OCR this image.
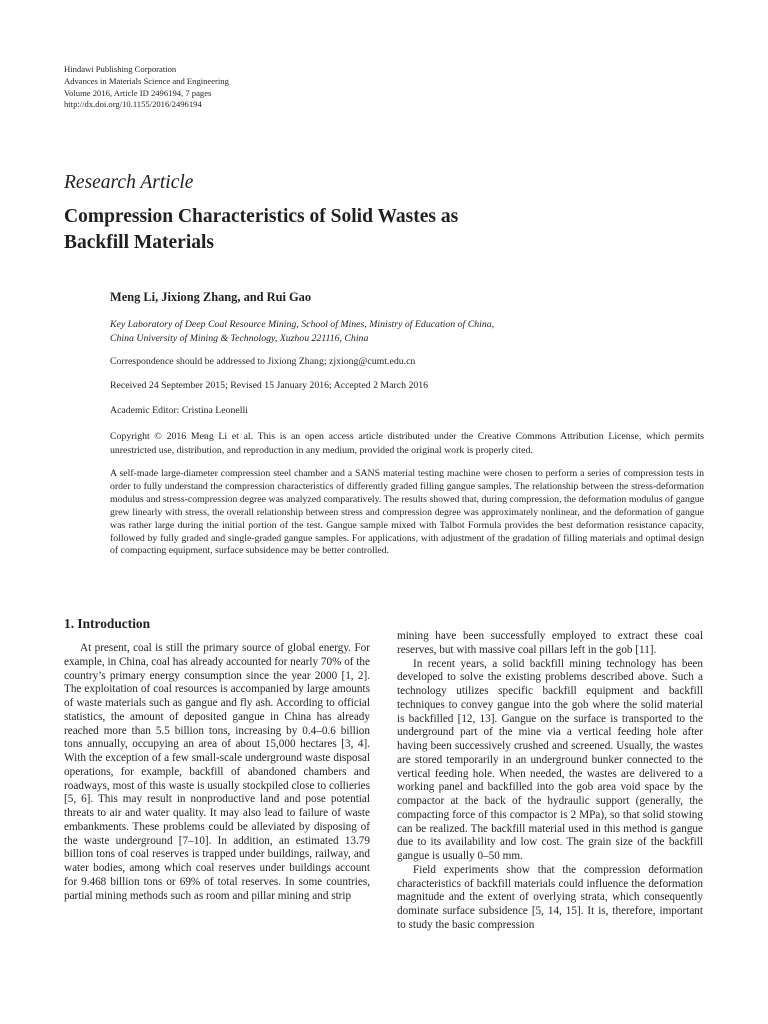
Hindawi Publishing Corporation
Advances in Materials Science and Engineering
Volume 2016, Article ID 2496194, 7 pages
http://dx.doi.org/10.1155/2016/2496194
Research Article
Compression Characteristics of Solid Wastes as
Backfill Materials
Meng Li, Jixiong Zhang, and Rui Gao
Key Laboratory of Deep Coal Resource Mining, School of Mines, Ministry of Education of China,
China University of Mining & Technology, Xuzhou 221116, China
Correspondence should be addressed to Jixiong Zhang; zjxiong@cumt.edu.cn
Received 24 September 2015; Revised 15 January 2016; Accepted 2 March 2016
Academic Editor: Cristina Leonelli
Copyright © 2016 Meng Li et al. This is an open access article distributed under the Creative Commons Attribution License, which permits unrestricted use, distribution, and reproduction in any medium, provided the original work is properly cited.
A self-made large-diameter compression steel chamber and a SANS material testing machine were chosen to perform a series of compression tests in order to fully understand the compression characteristics of differently graded filling gangue samples. The relationship between the stress-deformation modulus and stress-compression degree was analyzed comparatively. The results showed that, during compression, the deformation modulus of gangue grew linearly with stress, the overall relationship between stress and compression degree was approximately nonlinear, and the deformation of gangue was rather large during the initial portion of the test. Gangue sample mixed with Talbot Formula provides the best deformation resistance capacity, followed by fully graded and single-graded gangue samples. For applications, with adjustment of the gradation of filling materials and optimal design of compacting equipment, surface subsidence may be better controlled.
1. Introduction

At present, coal is still the primary source of global energy. For example, in China, coal has already accounted for nearly 70% of the country’s primary energy consumption since the year 2000 [1, 2]. The exploitation of coal resources is accompanied by large amounts of waste materials such as gangue and fly ash. According to official statistics, the amount of deposited gangue in China has already reached more than 5.5 billion tons, increasing by 0.4–0.6 billion tons annually, occupying an area of about 15,000 hectares [3, 4]. With the exception of a few small-scale underground waste disposal operations, for example, backfill of abandoned chambers and roadways, most of this waste is usually stockpiled close to collieries [5, 6]. This may result in nonproductive land and pose potential threats to air and water quality. It may also lead to failure of waste embankments. These problems could be alleviated by disposing of the waste underground [7–10]. In addition, an estimated 13.79 billion tons of coal reserves is trapped under buildings, railway, and water bodies, among which coal reserves under buildings account for 9.468 billion tons or 69% of total reserves. In some countries, partial mining methods such as room and pillar mining and strip

mining have been successfully employed to extract these coal reserves, but with massive coal pillars left in the gob [11].

In recent years, a solid backfill mining technology has been developed to solve the existing problems described above. Such a technology utilizes specific backfill equipment and backfill techniques to convey gangue into the gob where the solid material is backfilled [12, 13]. Gangue on the surface is transported to the underground part of the mine via a vertical feeding hole after having been successively crushed and screened. Usually, the wastes are stored temporarily in an underground bunker connected to the vertical feeding hole. When needed, the wastes are delivered to a working panel and backfilled into the gob area void space by the compactor at the back of the hydraulic support (generally, the compacting force of this compactor is 2 MPa), so that solid stowing can be realized. The backfill material used in this method is gangue due to its availability and low cost. The grain size of the backfill gangue is usually 0–50 mm.

Field experiments show that the compression deformation characteristics of backfill materials could influence the deformation magnitude and the extent of overlying strata, which consequently dominate surface subsidence [5, 14, 15]. It is, therefore, important to study the basic compression
